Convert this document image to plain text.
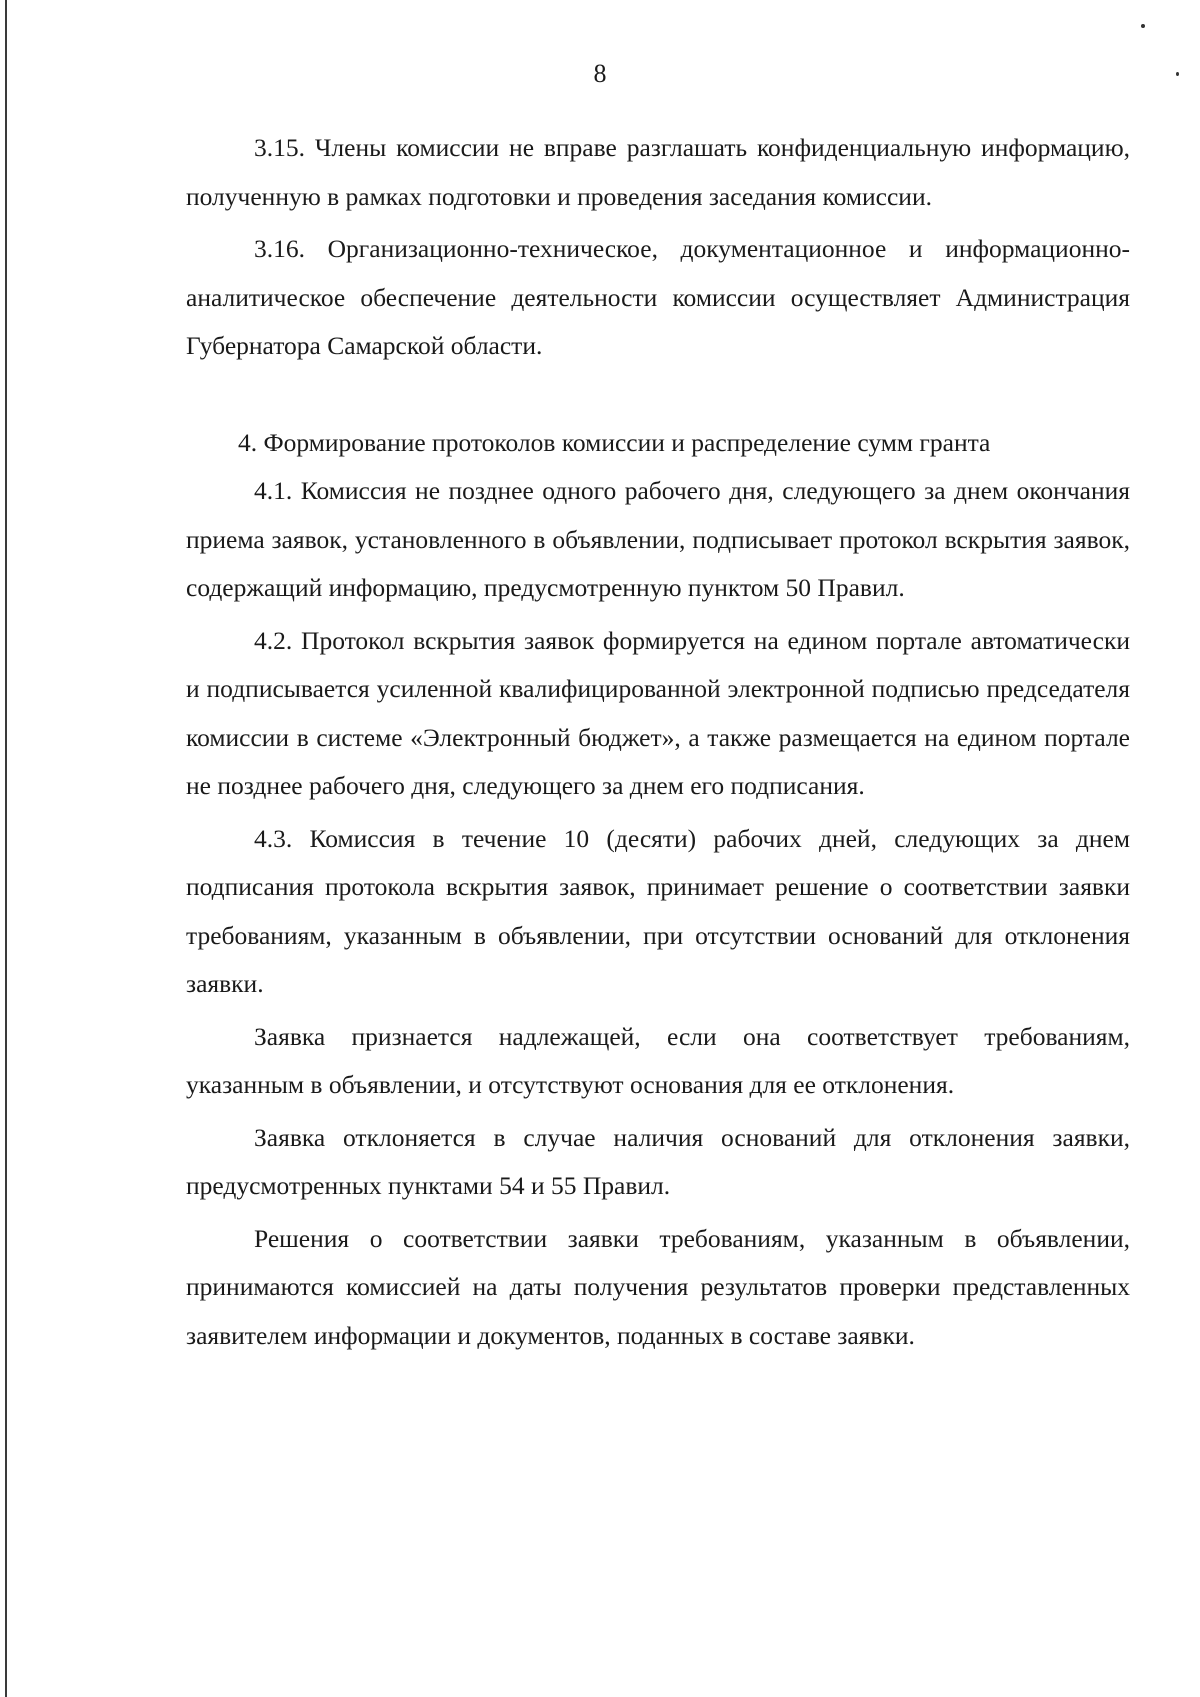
8

3.15. Члены комиссии не вправе разглашать конфиденциальную информацию, полученную в рамках подготовки и проведения заседания комиссии.

3.16. Организационно-техническое, документационное и информационно-аналитическое обеспечение деятельности комиссии осуществляет Администрация Губернатора Самарской области.

4. Формирование протоколов комиссии и распределение сумм гранта

4.1. Комиссия не позднее одного рабочего дня, следующего за днем окончания приема заявок, установленного в объявлении, подписывает протокол вскрытия заявок, содержащий информацию, предусмотренную пунктом 50 Правил.

4.2. Протокол вскрытия заявок формируется на едином портале автоматически и подписывается усиленной квалифицированной электронной подписью председателя комиссии в системе «Электронный бюджет», а также размещается на едином портале не позднее рабочего дня, следующего за днем его подписания.

4.3. Комиссия в течение 10 (десяти) рабочих дней, следующих за днем подписания протокола вскрытия заявок, принимает решение о соответствии заявки требованиям, указанным в объявлении, при отсутствии оснований для отклонения заявки.

Заявка признается надлежащей, если она соответствует требованиям, указанным в объявлении, и отсутствуют основания для ее отклонения.

Заявка отклоняется в случае наличия оснований для отклонения заявки, предусмотренных пунктами 54 и 55 Правил.

Решения о соответствии заявки требованиям, указанным в объявлении, принимаются комиссией на даты получения результатов проверки представленных заявителем информации и документов, поданных в составе заявки.
